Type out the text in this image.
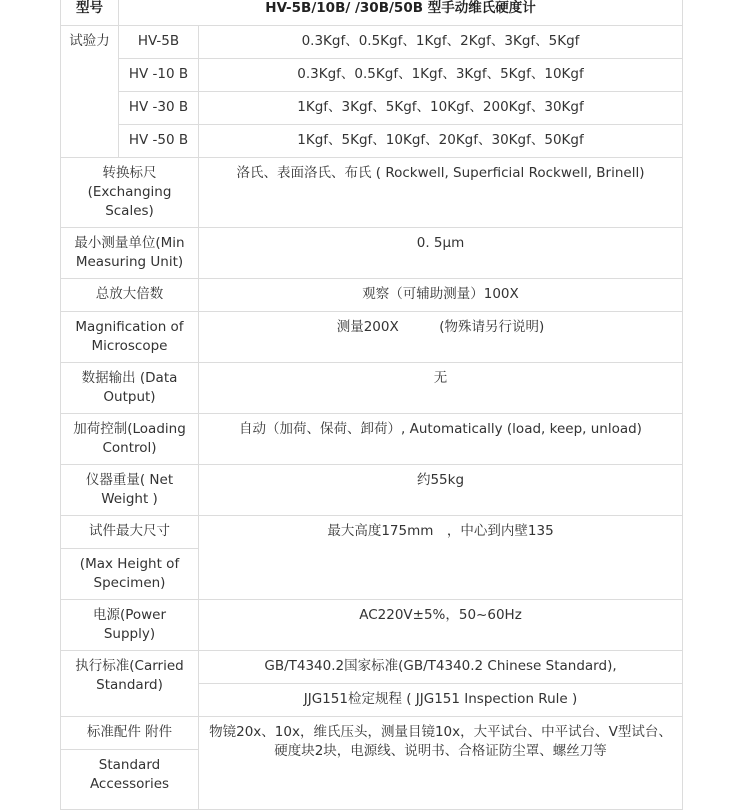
型号	HV-5B/10B/ /30B/50B 型手动维氏硬度计	
试验力	HV-5B	0.3Kgf、0.5Kgf、1Kgf、2Kgf、3Kgf、5Kgf
	HV -10 B	0.3Kgf、0.5Kgf、1Kgf、3Kgf、5Kgf、10Kgf
	HV -30 B	1Kgf、3Kgf、5Kgf、10Kgf、200Kgf、30Kgf
	HV -50 B	1Kgf、5Kgf、10Kgf、20Kgf、30Kgf、50Kgf
转换标尺 (Exchanging Scales)		洛氏、表面洛氏、布氏 ( Rockwell, Superficial Rockwell, Brinell)
最小测量单位(Min Measuring Unit)		0. 5μm
总放大倍数		观察（可辅助测量）100X
Magnification of Microscope		测量200X　　　(物殊请另行说明)
数据输出 (Data Output)		无
加荷控制(Loading Control)		自动（加荷、保荷、卸荷）, Automatically (load, keep, unload)
仪器重量( Net Weight )		约55kg
试件最大尺寸		最大高度175mm　，中心到内壁135
(Max Height of Specimen)		
电源(Power Supply)		AC220V±5%，50~60Hz
执行标准(Carried Standard)		GB/T4340.2国家标准(GB/T4340.2 Chinese Standard),
		JJG151检定规程 ( JJG151 Inspection Rule )
标准配件 附件		物镜20x、10x，维氏压头，测量目镜10x，大平试台、中平试台、V型试台、硬度块2块，电源线、说明书、合格证防尘罩、螺丝刀等
Standard Accessories		
